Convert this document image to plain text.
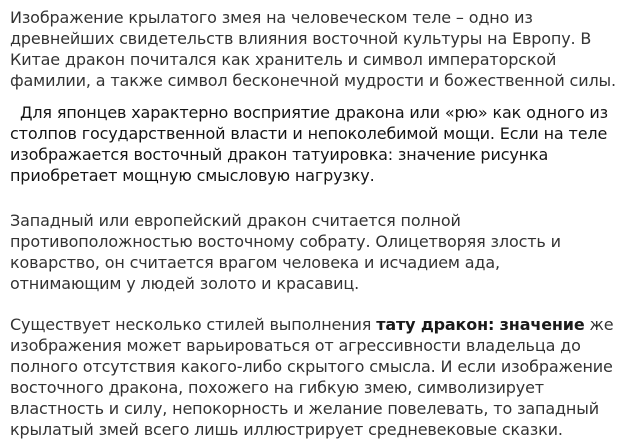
Изображение крылатого змея на человеческом теле – одно из
древнейших свидетельств влияния восточной культуры на Европу. В
Китае дракон почитался как хранитель и символ императорской
фамилии, а также символ бесконечной мудрости и божественной силы.

Для японцев характерно восприятие дракона или «рю» как одного из
столпов государственной власти и непоколебимой мощи. Если на теле
изображается восточный дракон татуировка: значение рисунка
приобретает мощную смысловую нагрузку.

Западный или европейский дракон считается полной
противоположностью восточному собрату. Олицетворяя злость и
коварство, он считается врагом человека и исчадием ада,
отнимающим у людей золото и красавиц.

Существует несколько стилей выполнения тату дракон: значение же
изображения может варьироваться от агрессивности владельца до
полного отсутствия какого-либо скрытого смысла. И если изображение
восточного дракона, похожего на гибкую змею, символизирует
властность и силу, непокорность и желание повелевать, то западный
крылатый змей всего лишь иллюстрирует средневековые сказки.
